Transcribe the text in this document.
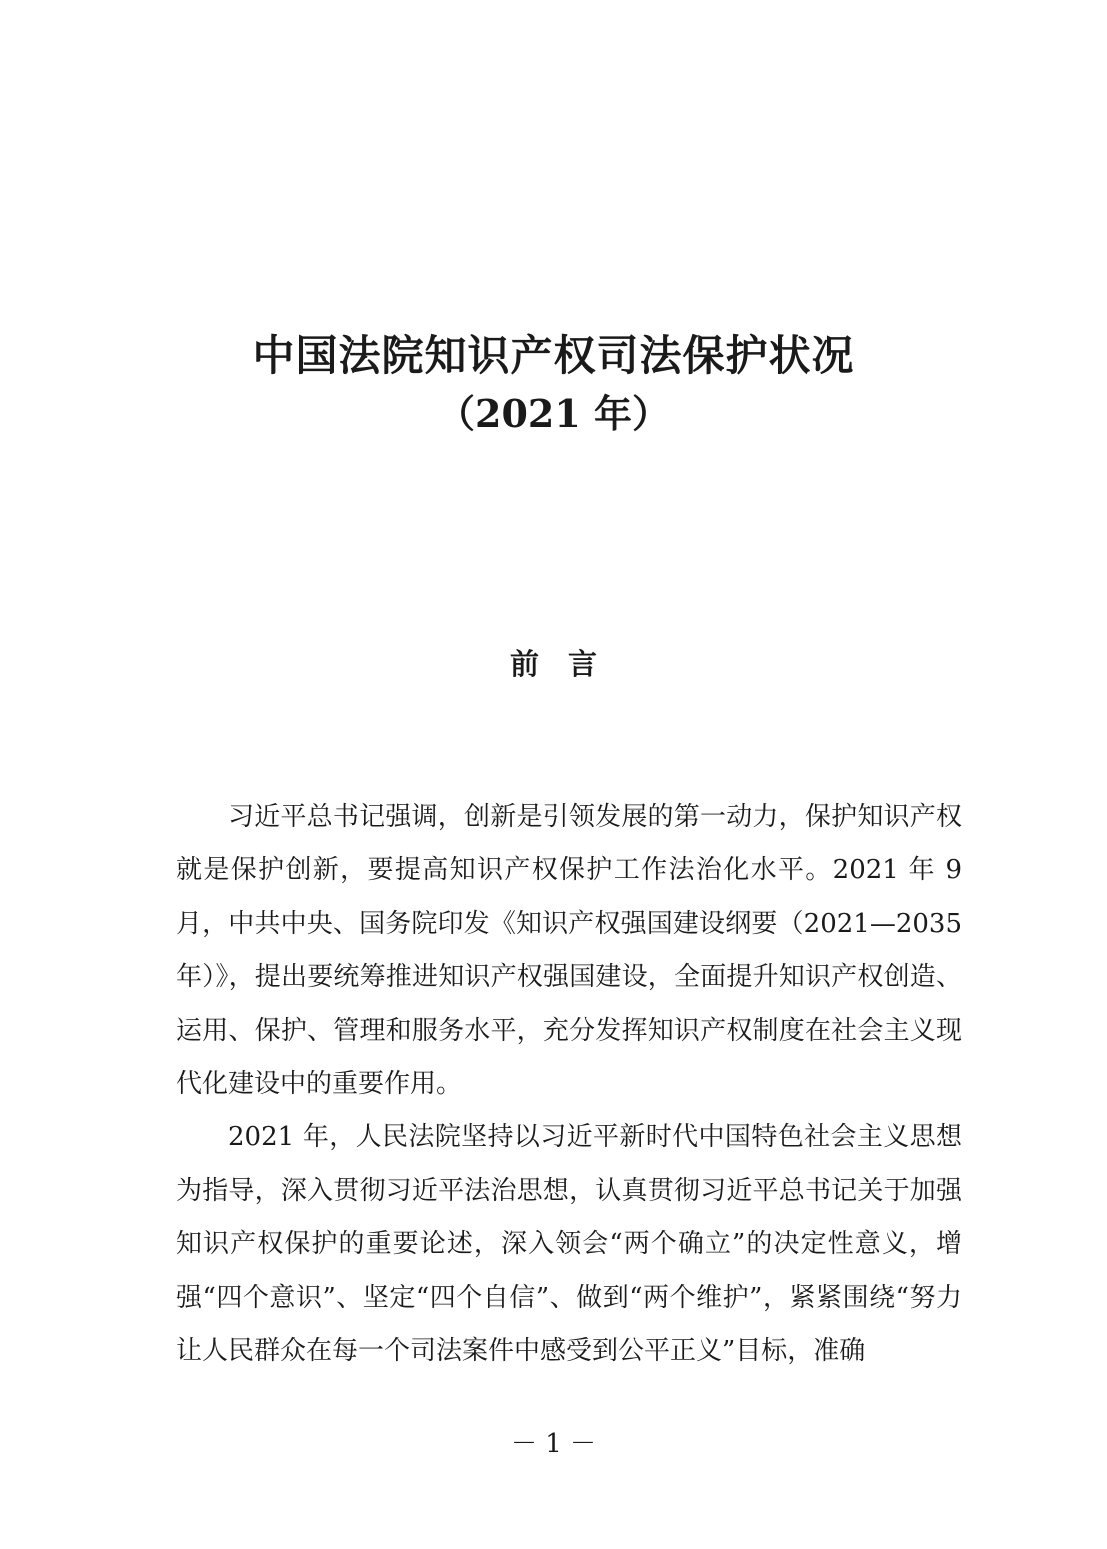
中国法院知识产权司法保护状况
（2021 年）
前　言

习近平总书记强调，创新是引领发展的第一动力，保护知识产权就是保护创新，要提高知识产权保护工作法治化水平。2021 年 9 月，中共中央、国务院印发《知识产权强国建设纲要（2021—2035 年）》，提出要统筹推进知识产权强国建设，全面提升知识产权创造、运用、保护、管理和服务水平，充分发挥知识产权制度在社会主义现代化建设中的重要作用。

2021 年，人民法院坚持以习近平新时代中国特色社会主义思想为指导，深入贯彻习近平法治思想，认真贯彻习近平总书记关于加强知识产权保护的重要论述，深入领会“两个确立”的决定性意义，增强“四个意识”、坚定“四个自信”、做到“两个维护”，紧紧围绕“努力让人民群众在每一个司法案件中感受到公平正义”目标，准确

－ 1 －
